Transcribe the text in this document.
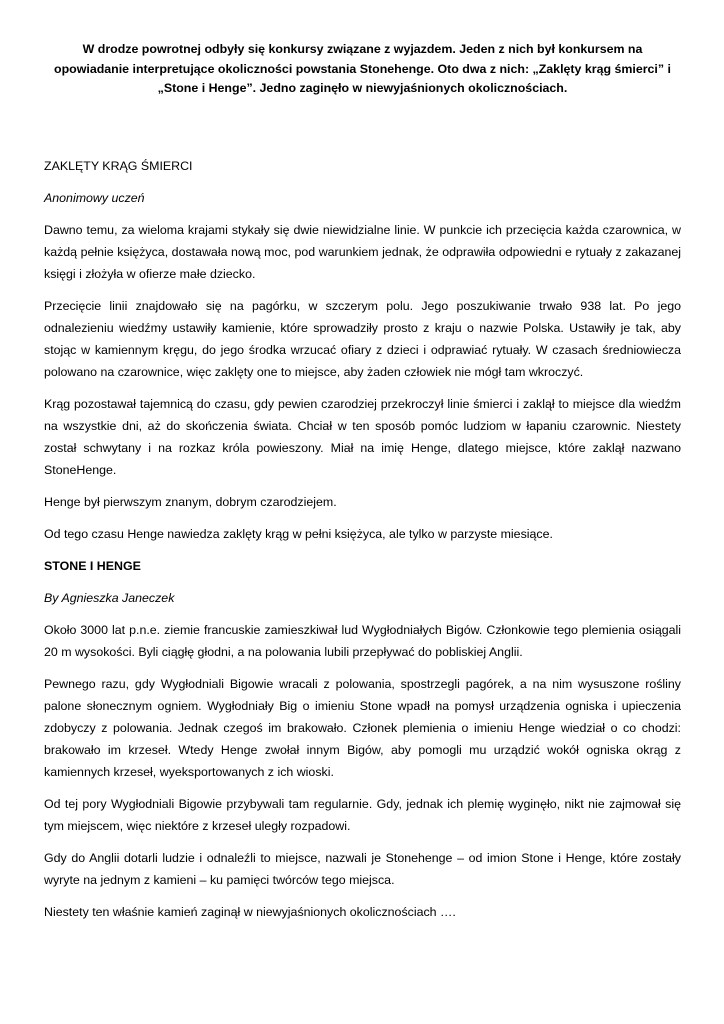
W drodze powrotnej odbyły się konkursy związane z wyjazdem. Jeden z nich był konkursem na opowiadanie interpretujące okoliczności powstania Stonehenge. Oto dwa z nich: „Zaklęty krąg śmierci” i „Stone i Henge”. Jedno zaginęło w niewyjaśnionych okolicznościach.

ZAKLĘTY KRĄG ŚMIERCI

Anonimowy uczeń

Dawno temu, za wieloma krajami stykały się dwie niewidzialne linie. W punkcie ich przecięcia każda czarownica, w każdą pełnie księżyca, dostawała nową moc, pod warunkiem jednak, że odprawiła odpowiedni e rytuały z zakazanej księgi i złożyła w ofierze małe dziecko.

Przecięcie linii znajdowało się na pagórku, w szczerym polu. Jego poszukiwanie trwało 938 lat. Po jego odnalezieniu wiedźmy ustawiły kamienie, które sprowadziły prosto z kraju o nazwie Polska. Ustawiły je tak, aby stojąc w kamiennym kręgu, do jego środka wrzucać ofiary z dzieci i odprawiać rytuały. W czasach średniowiecza polowano na czarownice, więc zaklęty one to miejsce, aby żaden człowiek nie mógł tam wkroczyć.

Krąg pozostawał tajemnicą do czasu, gdy pewien czarodziej przekroczył linie śmierci i zaklął to miejsce dla wiedźm na wszystkie dni, aż do skończenia świata. Chciał w ten sposób pomóc ludziom w łapaniu czarownic. Niestety został schwytany i na rozkaz króla powieszony. Miał na imię Henge, dlatego miejsce, które zaklął nazwano StoneHenge.

Henge był pierwszym znanym, dobrym czarodziejem.

Od tego czasu Henge nawiedza zaklęty krąg w pełni księżyca, ale tylko w parzyste miesiące.

STONE I HENGE

By Agnieszka Janeczek

Około 3000 lat p.n.e. ziemie francuskie zamieszkiwał lud Wygłodniałych Bigów. Członkowie tego plemienia osiągali 20 m wysokości. Byli ciągłę głodni, a na polowania lubili przepływać do pobliskiej Anglii.

Pewnego razu, gdy Wygłodniali Bigowie wracali z polowania, spostrzegli pagórek, a na nim wysuszone rośliny palone słonecznym ogniem. Wygłodniały Big o imieniu Stone wpadł na pomysł urządzenia ogniska i upieczenia zdobyczy z polowania. Jednak czegoś im brakowało. Członek plemienia o imieniu Henge wiedział o co chodzi: brakowało im krzeseł. Wtedy Henge zwołał innym Bigów, aby pomogli mu urządzić wokół ogniska okrąg z kamiennych krzeseł, wyeksportowanych z ich wioski.

Od tej pory Wygłodniali Bigowie przybywali tam regularnie. Gdy, jednak ich plemię wyginęło, nikt nie zajmował się tym miejscem, więc niektóre z krzeseł uległy rozpadowi.

Gdy do Anglii dotarli ludzie i odnaleźli to miejsce, nazwali je Stonehenge – od imion Stone i Henge, które zostały wyryte na jednym z kamieni – ku pamięci twórców tego miejsca.

Niestety ten właśnie kamień zaginął w niewyjaśnionych okolicznościach ….
